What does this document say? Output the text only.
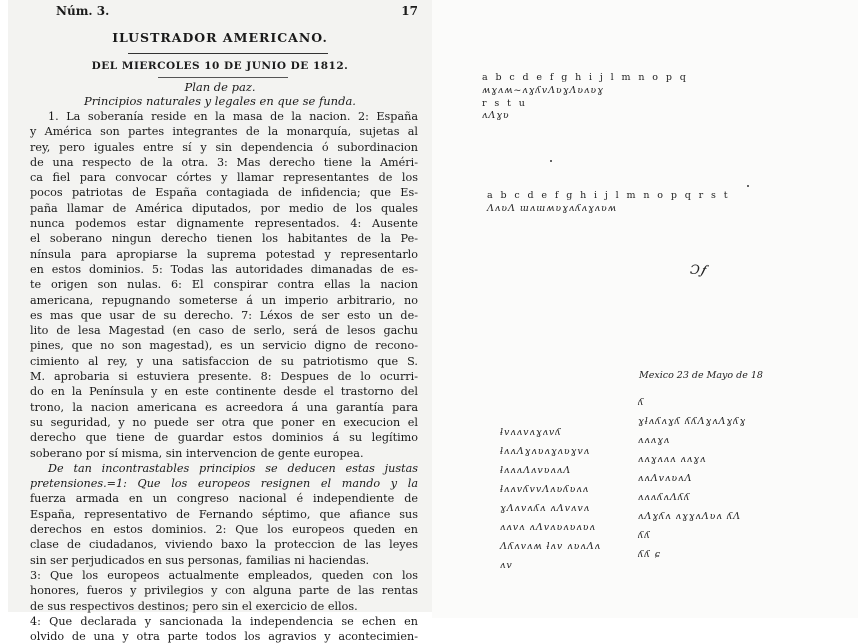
Núm. 3.	17
ILUSTRADOR AMERICANO.
DEL MIERCOLES 10 DE JUNIO DE 1812.
Plan de paz.
Principios naturales y legales en que se funda.
1. La soberanía reside en la masa de la nacion. 2: España
y América son partes integrantes de la monarquía, sujetas al
rey, pero iguales entre sí y sin dependencia ó subordinacion
de una respecto de la otra. 3: Mas derecho tiene la Améri-
ca fiel para convocar córtes y llamar representantes de los
pocos patriotas de España contagiada de infidencia; que Es-
paña llamar de América diputados, por medio de los quales
nunca podemos estar dignamente representados. 4: Ausente
el soberano ningun derecho tienen los habitantes de la Pe-
nínsula para apropiarse la suprema potestad y representarlo
en estos dominios. 5: Todas las autoridades dimanadas de es-
te origen son nulas. 6: El conspirar contra ellas la nacion
americana, repugnando someterse á un imperio arbitrario, no
es mas que usar de su derecho. 7: Léxos de ser esto un de-
lito de lesa Magestad (en caso de serlo, será de lesos gachu
pines, que no son magestad), es un servicio digno de recono-
cimiento al rey, y una satisfaccion de su patriotismo que S.
M. aprobaria si estuviera presente. 8: Despues de lo ocurri-
do en la Península y en este continente desde el trastorno del
trono, la nacion americana es acreedora á una garantía para
su seguridad, y no puede ser otra que poner en execucion el
derecho que tiene de guardar estos dominios á su legítimo
soberano por sí misma, sin intervencion de gente europea.
De tan incontrastables principios se deducen estas justas
pretensiones.=1: Que los europeos resignen el mando y la
fuerza armada en un congreso nacional é independiente de
España, representativo de Fernando séptimo, que afiance sus
derechos en estos dominios. 2: Que los europeos queden en
clase de ciudadanos, viviendo baxo la proteccion de las leyes
sin ser perjudicados en sus personas, familias ni haciendas.
3: Que los europeos actualmente empleados, queden con los
honores, fueros y privilegios y con alguna parte de las rentas
de sus respectivos destinos; pero sin el exercicio de ellos.
4: Que declarada y sancionada la independencia se echen en
olvido de una y otra parte todos los agravios y acontecimien-
a b c d e f g h i j l m n o p q
ʍɣʌʍ~ʌɣʎvɅʋɣɅʋʌʋɣ
r s t u
ʌɅɣʋ
a b c d e f g h i j l m n o p q r s t
ɅʌʋɅ ɯʌɯʍʋɣʌʎʌɣʌʋʍ
Ɔ𝆑
Mexico 23 de Mayo de 18
ƚvʌʌvʌɣʌvʎ
ƚʌʌɅɣʌʋʌɣʌʋɣvʌ
ƚʌʌʌɅʌvʋʌʌɅ
ƚʌʌvʎvvɅʌʋʎʋʌʌ
ɣɅʌvʌʎʌ ʌɅvʌvʌ
ʌʌvʌ ʌɅvʌʋʌʋʌʋʌ
Ʌʎʌvʌʍ ƚʌv ʌʋʌɅʌ
ʌv
ʎ
ɣƚʌʎʌɣʎ ʎʎɅɣʌɅɣʎɣ
ʌʌʌɣʌ
ʌʌɣʌʌʌ ʌʌɣʌ
ʌʌɅvʌʋʌɅ
ʌʌʌʎʌɅʎʎ
ʌɅɣʎʌ ʌɣɣʌɅʋʌ ʎɅ
ʎʎ
ʎʎ ɕ
